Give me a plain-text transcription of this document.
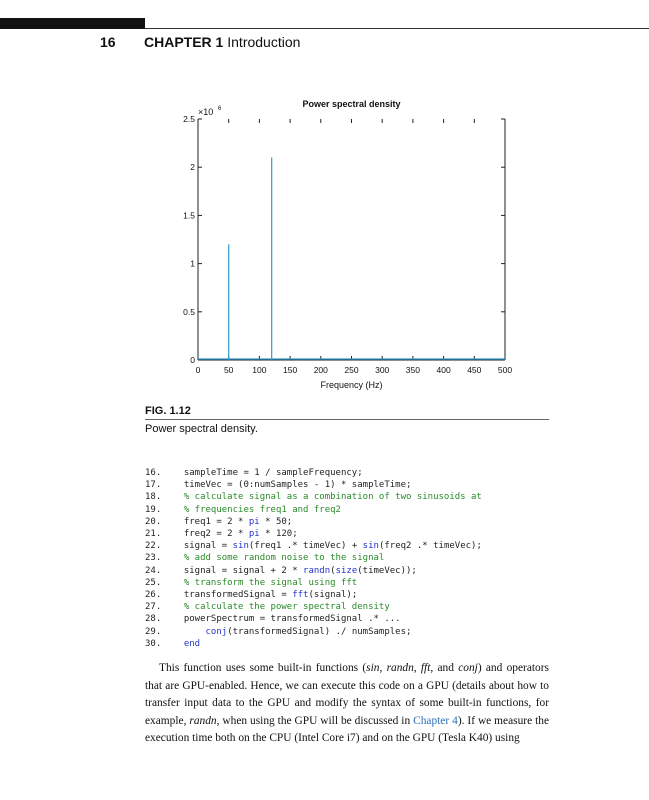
16 CHAPTER 1 Introduction
Power spectral density
×10 6
0
0.5
1
1.5
2
2.5
0	50 100 150 200 250 300 350 400 450 500
Frequency (Hz)
FIG. 1.12
Power spectral density.
16.  sampleTime = 1 / sampleFrequency;
17.  timeVec = (0:numSamples - 1) * sampleTime;
18.  % calculate signal as a combination of two sinusoids at
19.  % frequencies freq1 and freq2
20.  freq1 = 2 * pi * 50;
21.  freq2 = 2 * pi * 120;
22.  signal = sin(freq1 .* timeVec) + sin(freq2 .* timeVec);
23.  % add some random noise to the signal
24.  signal = signal + 2 * randn(size(timeVec));
25.  % transform the signal using fft
26.  transformedSignal = fft(signal);
27.  % calculate the power spectral density
28.  powerSpectrum = transformedSignal .* ...
29.	conj(transformedSignal) ./ numSamples;
30.	end

This function uses some built-in functions (sin, randn, fft, and conj) and operators that are GPU-enabled. Hence, we can execute this code on a GPU (details about how to transfer input data to the GPU and modify the syntax of some built-in functions, for example, randn, when using the GPU will be discussed in Chapter 4). If we measure the execution time both on the CPU (Intel Core i7) and on the GPU (Tesla K40) using
